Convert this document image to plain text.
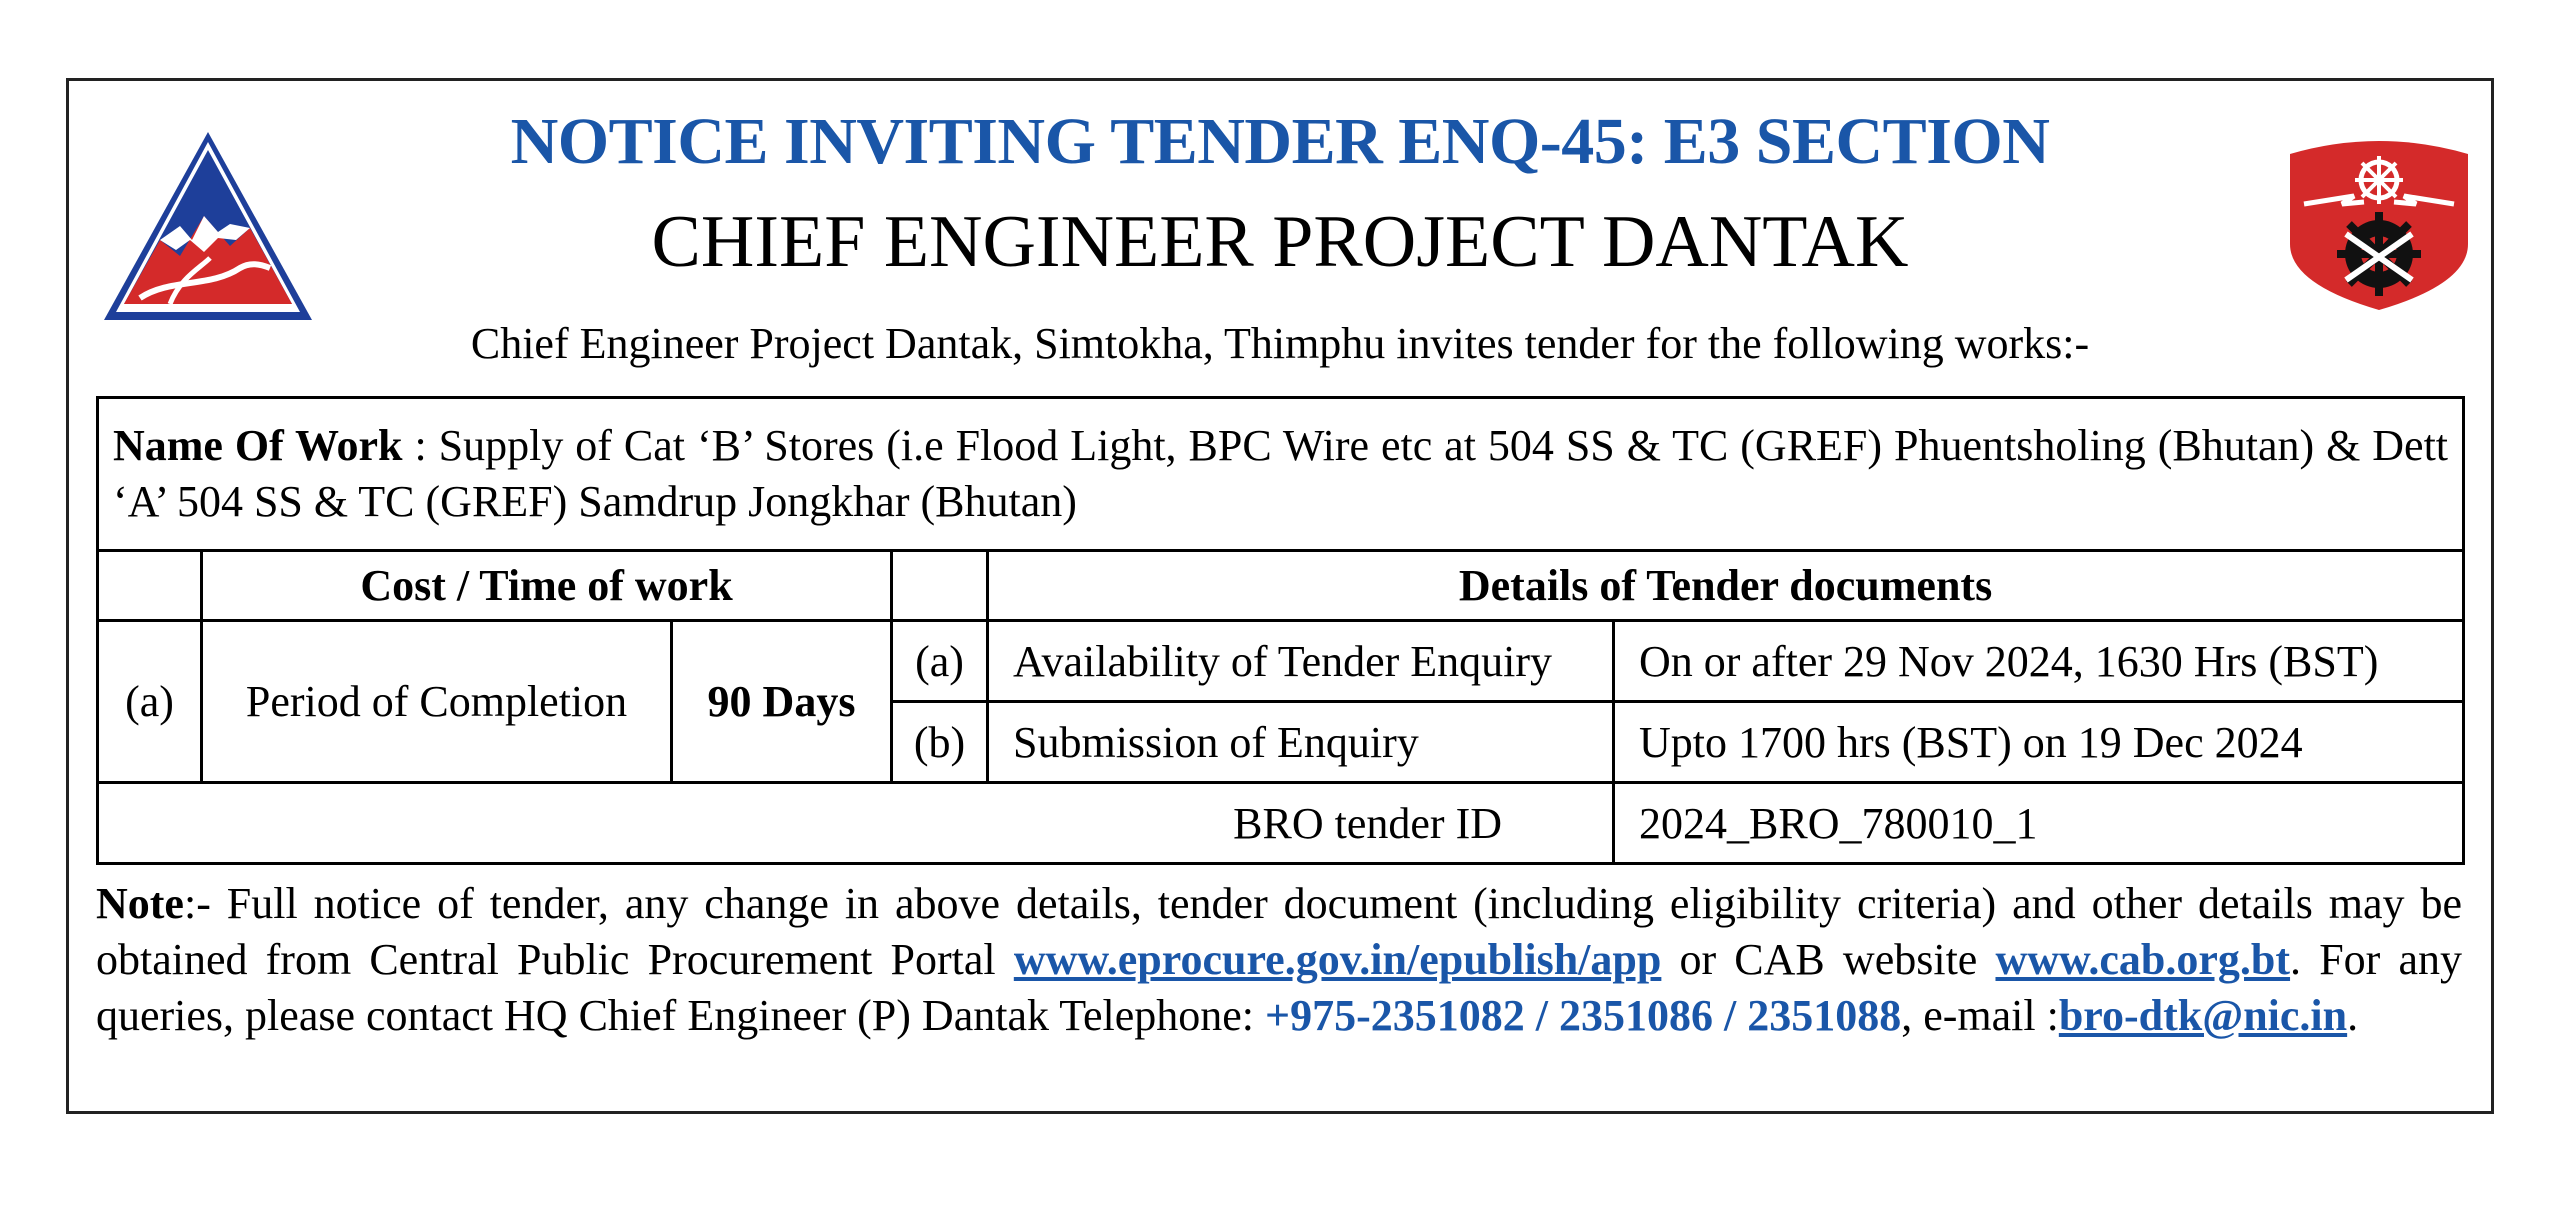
NOTICE INVITING TENDER ENQ-45: E3 SECTION
CHIEF ENGINEER PROJECT DANTAK
Chief Engineer Project Dantak, Simtokha, Thimphu invites tender for the following works:-
Name Of Work : Supply of Cat ‘B’ Stores (i.e Flood Light, BPC Wire etc at 504 SS & TC (GREF) Phuentsholing (Bhutan) & Dett ‘A’ 504 SS & TC (GREF) Samdrup Jongkhar (Bhutan)					
	Cost / Time of work			Details of Tender documents	
(a)	Period of Completion	90 Days	(a)	Availability of Tender Enquiry	On or after 29 Nov 2024, 1630 Hrs (BST)
			(b)	Submission of Enquiry	Upto 1700 hrs (BST) on 19 Dec 2024
BRO tender ID					2024_BRO_780010_1
Note:- Full notice of tender, any change in above details, tender document (including eligibility criteria) and other details may be obtained from Central Public Procurement Portal www.eprocure.gov.in/epublish/app or CAB website www.cab.org.bt. For any queries, please contact HQ Chief Engineer (P) Dantak Telephone: +975-2351082 / 2351086 / 2351088, e-mail :bro-dtk@nic.in.
